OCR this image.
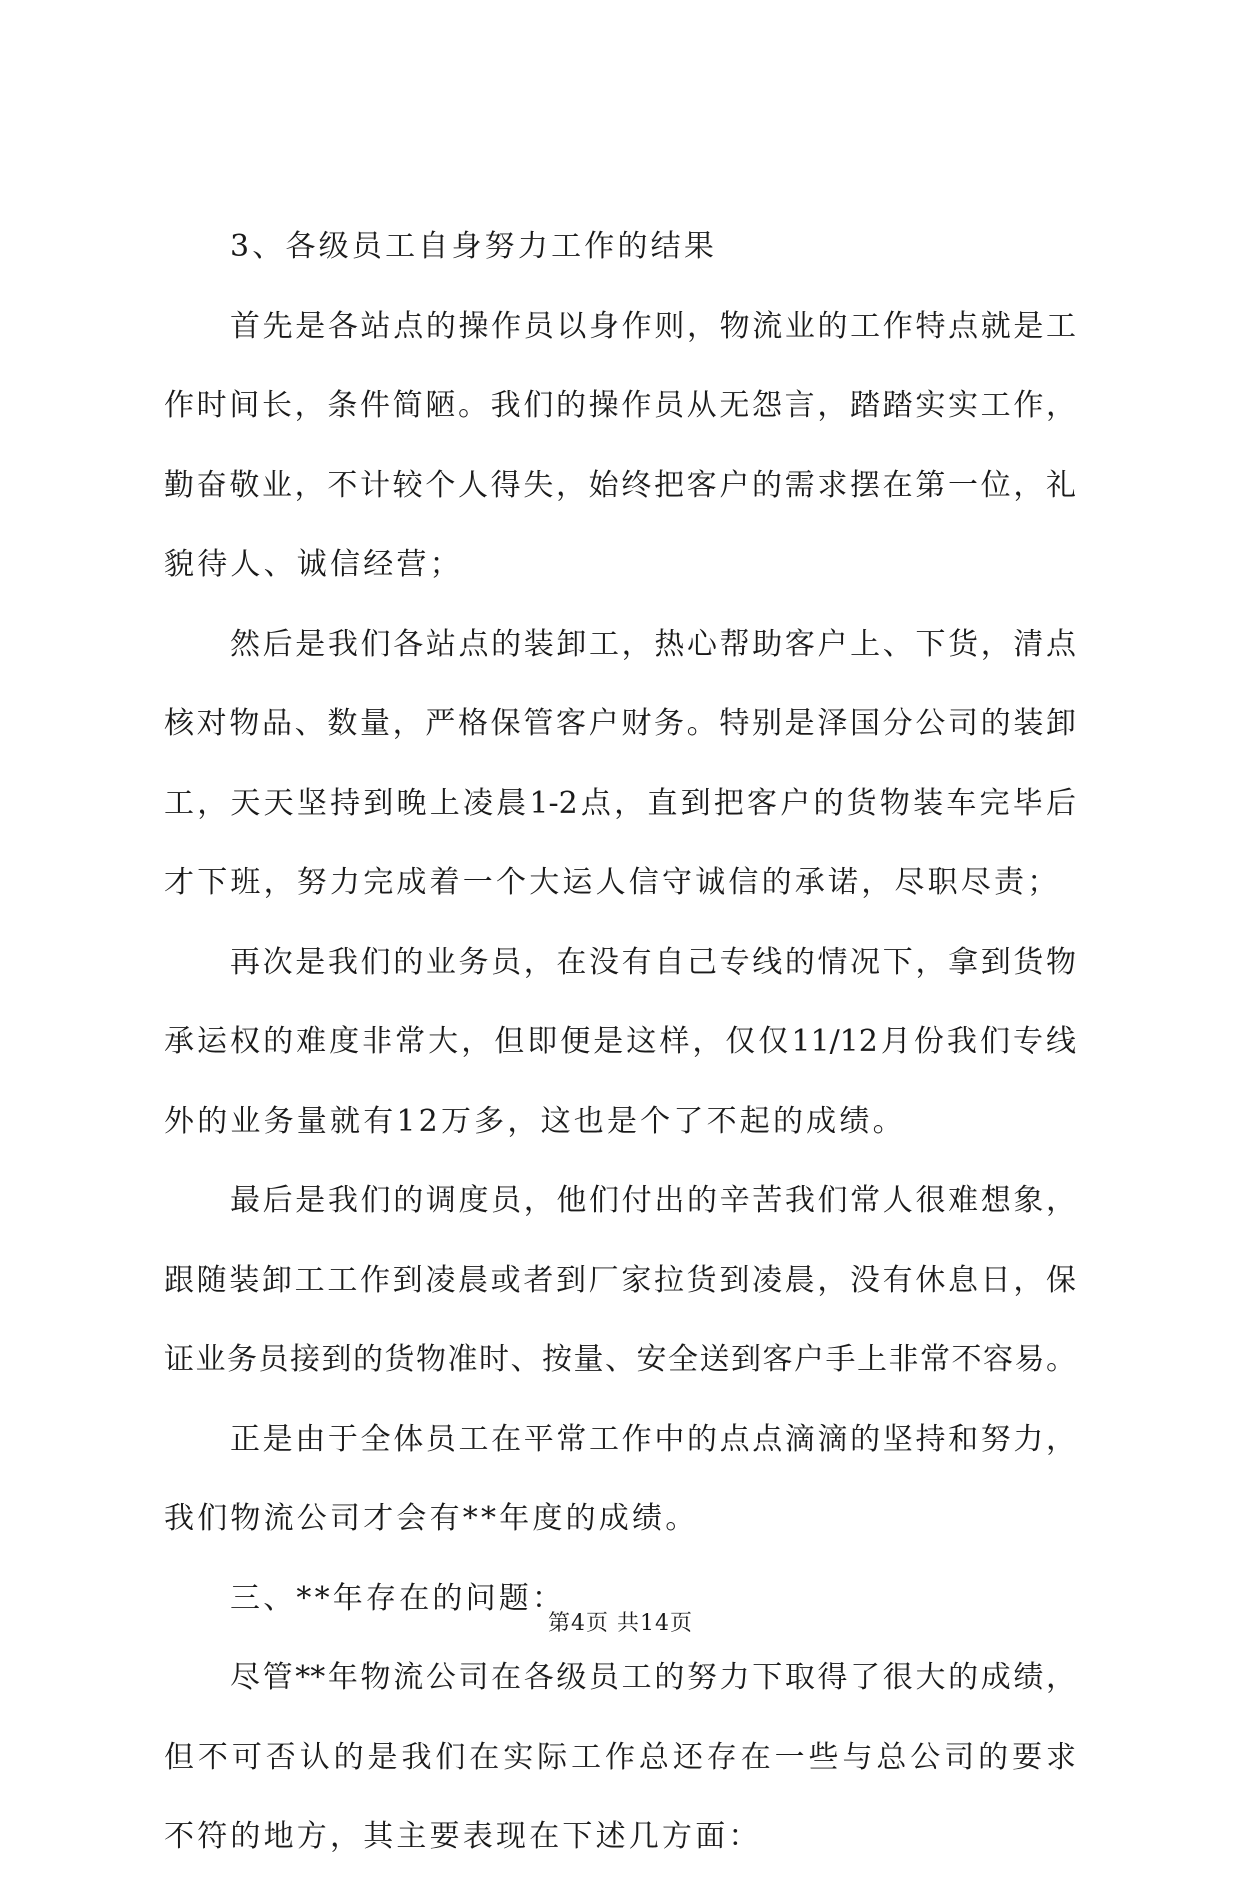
3、各级员工自身努力工作的结果
首先是各站点的操作员以身作则，物流业的工作特点就是工
作时间长，条件简陋。我们的操作员从无怨言，踏踏实实工作，
勤奋敬业，不计较个人得失，始终把客户的需求摆在第一位，礼
貌待人、诚信经营；
然后是我们各站点的装卸工，热心帮助客户上、下货，清点
核对物品、数量，严格保管客户财务。特别是泽国分公司的装卸
工，天天坚持到晚上凌晨1-2点，直到把客户的货物装车完毕后
才下班，努力完成着一个大运人信守诚信的承诺，尽职尽责；
再次是我们的业务员，在没有自己专线的情况下，拿到货物
承运权的难度非常大，但即便是这样，仅仅11/12月份我们专线
外的业务量就有12万多，这也是个了不起的成绩。
最后是我们的调度员，他们付出的辛苦我们常人很难想象，
跟随装卸工工作到凌晨或者到厂家拉货到凌晨，没有休息日，保
证业务员接到的货物准时、按量、安全送到客户手上非常不容易。
正是由于全体员工在平常工作中的点点滴滴的坚持和努力，
我们物流公司才会有**年度的成绩。
三、**年存在的问题：
尽管**年物流公司在各级员工的努力下取得了很大的成绩，
但不可否认的是我们在实际工作总还存在一些与总公司的要求
不符的地方，其主要表现在下述几方面：
第4页 共14页
